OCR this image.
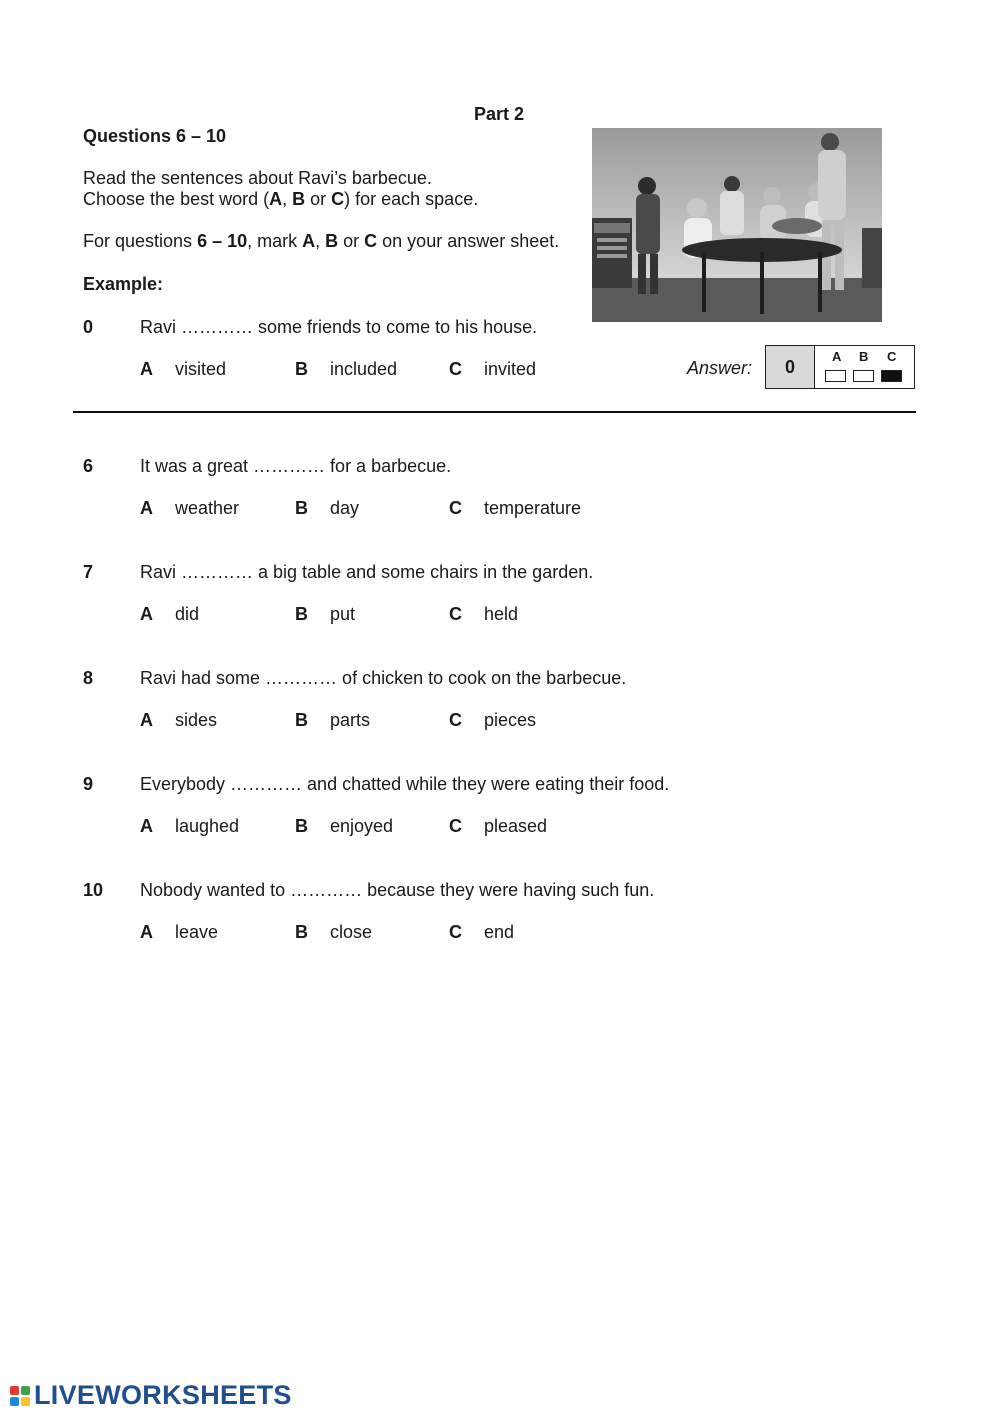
Part 2
Questions 6 – 10
Read the sentences about Ravi’s barbecue.
Choose the best word (A, B or C) for each space.
For questions 6 – 10, mark A, B or C on your answer sheet.
Example:
0	Ravi ………… some friends to come to his house.
A visited	B included	C invited	Answer:	0	A B C
6	It was a great ………… for a barbecue.
A weather	B day	C temperature
7	Ravi ………… a big table and some chairs in the garden.
A did	B put	C held
8	Ravi had some ………… of chicken to cook on the barbecue.
A sides	B parts	C pieces
9	Everybody ………… and chatted while they were eating their food.
A laughed	B enjoyed	C pleased
10 Nobody wanted to ………… because they were having such fun.
A leave	B close	C end
LIVEWORKSHEETS
